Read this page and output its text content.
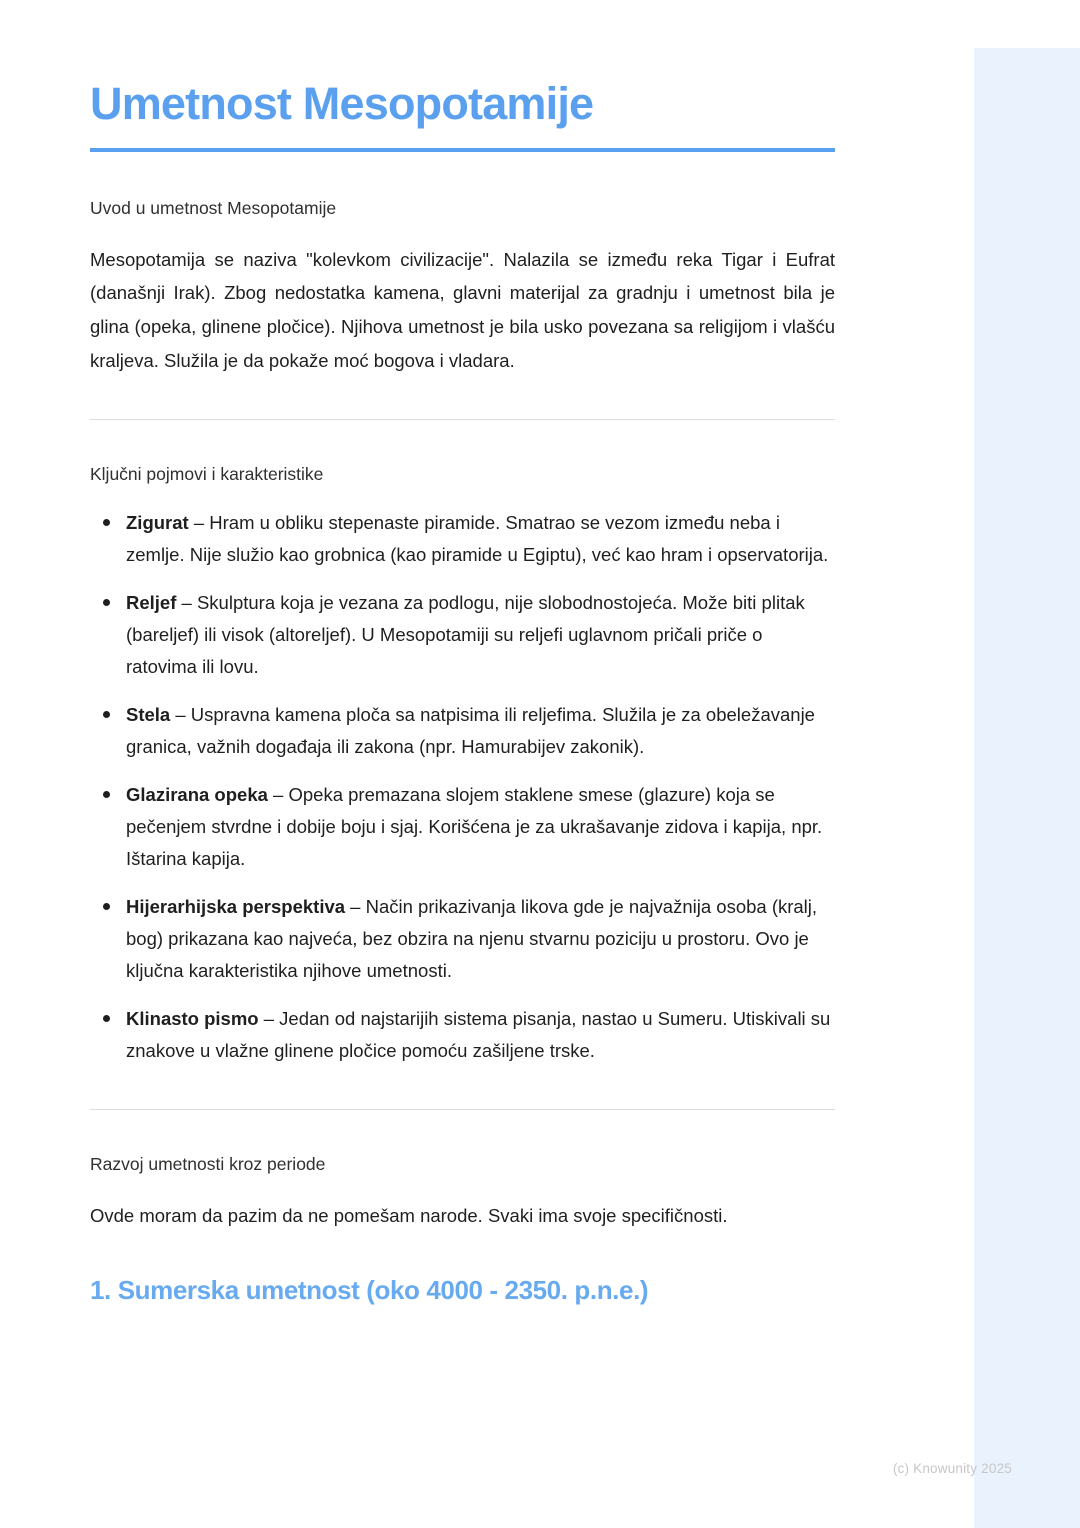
Umetnost Mesopotamije
Uvod u umetnost Mesopotamije

Mesopotamija se naziva "kolevkom civilizacije". Nalazila se između reka Tigar i Eufrat (današnji Irak). Zbog nedostatka kamena, glavni materijal za gradnju i umetnost bila je glina (opeka, glinene pločice). Njihova umetnost je bila usko povezana sa religijom i vlašću kraljeva. Služila je da pokaže moć bogova i vladara.

Ključni pojmovi i karakteristike
Zigurat – Hram u obliku stepenaste piramide. Smatrao se vezom između neba i zemlje. Nije služio kao grobnica (kao piramide u Egiptu), već kao hram i opservatorija.
Reljef – Skulptura koja je vezana za podlogu, nije slobodnostojeća. Može biti plitak (bareljef) ili visok (altoreljef). U Mesopotamiji su reljefi uglavnom pričali priče o ratovima ili lovu.
Stela – Uspravna kamena ploča sa natpisima ili reljefima. Služila je za obeležavanje granica, važnih događaja ili zakona (npr. Hamurabijev zakonik).
Glazirana opeka – Opeka premazana slojem staklene smese (glazure) koja se pečenjem stvrdne i dobije boju i sjaj. Korišćena je za ukrašavanje zidova i kapija, npr. Ištarina kapija.
Hijerarhijska perspektiva – Način prikazivanja likova gde je najvažnija osoba (kralj, bog) prikazana kao najveća, bez obzira na njenu stvarnu poziciju u prostoru. Ovo je ključna karakteristika njihove umetnosti.
Klinasto pismo – Jedan od najstarijih sistema pisanja, nastao u Sumeru. Utiskivali su znakove u vlažne glinene pločice pomoću zašiljene trske.
Razvoj umetnosti kroz periode

Ovde moram da pazim da ne pomešam narode. Svaki ima svoje specifičnosti.

1. Sumerska umetnost (oko 4000 - 2350. p.n.e.)
(c) Knowunity 2025
